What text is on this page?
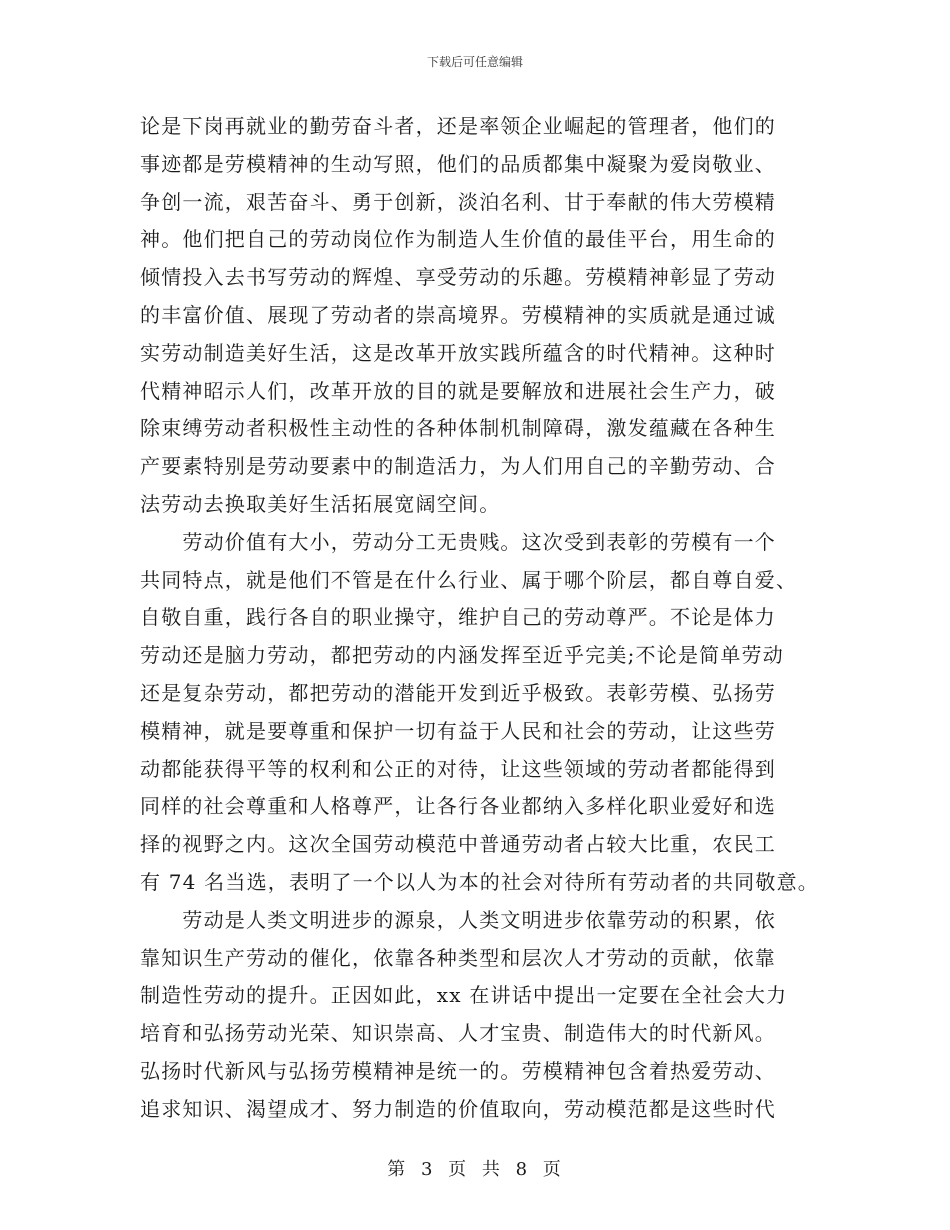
下载后可任意编辑
论是下岗再就业的勤劳奋斗者，还是率领企业崛起的管理者，他们的
事迹都是劳模精神的生动写照，他们的品质都集中凝聚为爱岗敬业、
争创一流，艰苦奋斗、勇于创新，淡泊名利、甘于奉献的伟大劳模精
神。他们把自己的劳动岗位作为制造人生价值的最佳平台，用生命的
倾情投入去书写劳动的辉煌、享受劳动的乐趣。劳模精神彰显了劳动
的丰富价值、展现了劳动者的崇高境界。劳模精神的实质就是通过诚
实劳动制造美好生活，这是改革开放实践所蕴含的时代精神。这种时
代精神昭示人们，改革开放的目的就是要解放和进展社会生产力，破
除束缚劳动者积极性主动性的各种体制机制障碍，激发蕴藏在各种生
产要素特别是劳动要素中的制造活力，为人们用自己的辛勤劳动、合
法劳动去换取美好生活拓展宽阔空间。
　　劳动价值有大小，劳动分工无贵贱。这次受到表彰的劳模有一个
共同特点，就是他们不管是在什么行业、属于哪个阶层，都自尊自爱、
自敬自重，践行各自的职业操守，维护自己的劳动尊严。不论是体力
劳动还是脑力劳动，都把劳动的内涵发挥至近乎完美;不论是简单劳动
还是复杂劳动，都把劳动的潜能开发到近乎极致。表彰劳模、弘扬劳
模精神，就是要尊重和保护一切有益于人民和社会的劳动，让这些劳
动都能获得平等的权利和公正的对待，让这些领域的劳动者都能得到
同样的社会尊重和人格尊严，让各行各业都纳入多样化职业爱好和选
择的视野之内。这次全国劳动模范中普通劳动者占较大比重，农民工
有 74 名当选，表明了一个以人为本的社会对待所有劳动者的共同敬意。
　　劳动是人类文明进步的源泉，人类文明进步依靠劳动的积累，依
靠知识生产劳动的催化，依靠各种类型和层次人才劳动的贡献，依靠
制造性劳动的提升。正因如此，xx 在讲话中提出一定要在全社会大力
培育和弘扬劳动光荣、知识崇高、人才宝贵、制造伟大的时代新风。
弘扬时代新风与弘扬劳模精神是统一的。劳模精神包含着热爱劳动、
追求知识、渴望成才、努力制造的价值取向，劳动模范都是这些时代
第 3 页 共 8 页
